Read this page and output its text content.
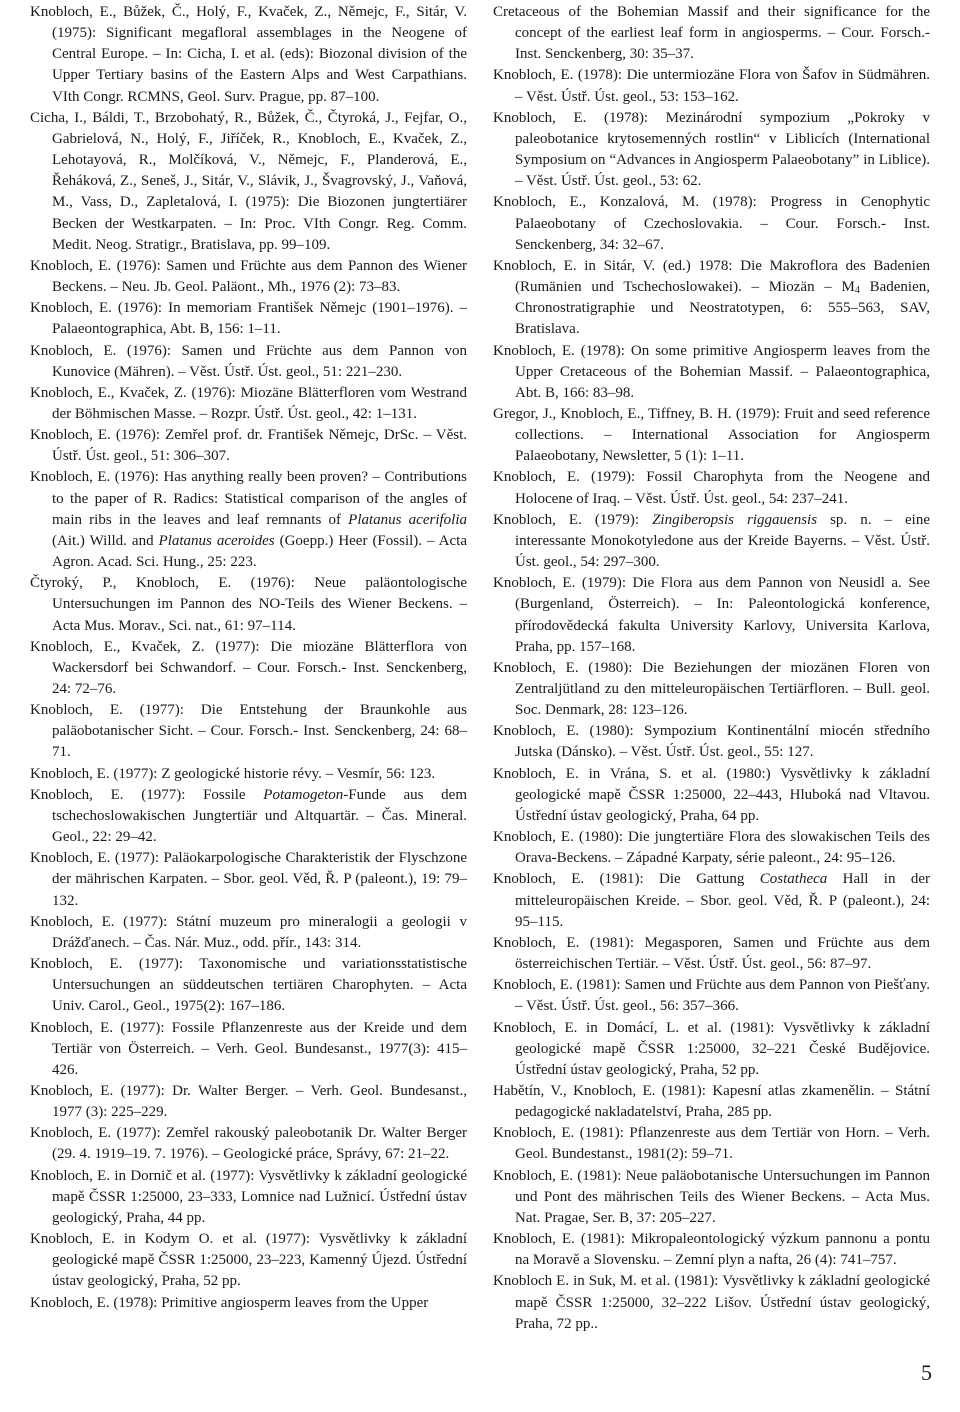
Knobloch, E., Bůžek, Č., Holý, F., Kvaček, Z., Němejc, F., Sitár, V. (1975): Significant megafloral assemblages in the Neogene of Central Europe. – In: Cicha, I. et al. (eds): Biozonal division of the Upper Tertiary basins of the Eastern Alps and West Carpathians. VIth Congr. RCMNS, Geol. Surv. Prague, pp. 87–100.

Cicha, I., Báldi, T., Brzobohatý, R., Bůžek, Č., Čtyroká, J., Fejfar, O., Gabrielová, N., Holý, F., Jiříček, R., Knobloch, E., Kvaček, Z., Lehotayová, R., Molčíková, V., Němejc, F., Planderová, E., Řeháková, Z., Seneš, J., Sitár, V., Slávik, J., Švagrovský, J., Vaňová, M., Vass, D., Zapletalová, I. (1975): Die Biozonen jungtertiärer Becken der Westkarpaten. – In: Proc. VIth Congr. Reg. Comm. Medit. Neog. Stratigr., Bratislava, pp. 99–109.

Knobloch, E. (1976): Samen und Früchte aus dem Pannon des Wiener Beckens. – Neu. Jb. Geol. Paläont., Mh., 1976 (2): 73–83.

Knobloch, E. (1976): In memoriam František Němejc (1901–1976). – Palaeontographica, Abt. B, 156: 1–11.

Knobloch, E. (1976): Samen und Früchte aus dem Pannon von Kunovice (Mähren). – Věst. Ústř. Úst. geol., 51: 221–230.

Knobloch, E., Kvaček, Z. (1976): Miozäne Blätterfloren vom Westrand der Böhmischen Masse. – Rozpr. Ústř. Úst. geol., 42: 1–131.

Knobloch, E. (1976): Zemřel prof. dr. František Němejc, DrSc. – Věst. Ústř. Úst. geol., 51: 306–307.

Knobloch, E. (1976): Has anything really been proven? – Contributions to the paper of R. Radics: Statistical comparison of the angles of main ribs in the leaves and leaf remnants of Platanus acerifolia (Ait.) Willd. and Platanus aceroides (Goepp.) Heer (Fossil). – Acta Agron. Acad. Sci. Hung., 25: 223.

Čtyroký, P., Knobloch, E. (1976): Neue paläontologische Untersuchungen im Pannon des NO-Teils des Wiener Beckens. – Acta Mus. Morav., Sci. nat., 61: 97–114.

Knobloch, E., Kvaček, Z. (1977): Die miozäne Blätterflora von Wackersdorf bei Schwandorf. – Cour. Forsch.- Inst. Senckenberg, 24: 72–76.

Knobloch, E. (1977): Die Entstehung der Braunkohle aus paläobotanischer Sicht. – Cour. Forsch.- Inst. Senckenberg, 24: 68–71.

Knobloch, E. (1977): Z geologické historie révy. – Vesmír, 56: 123.

Knobloch, E. (1977): Fossile Potamogeton-Funde aus dem tschechoslowakischen Jungtertiär und Altquartär. – Čas. Mineral. Geol., 22: 29–42.

Knobloch, E. (1977): Paläokarpologische Charakteristik der Flyschzone der mährischen Karpaten. – Sbor. geol. Věd, Ř. P (paleont.), 19: 79–132.

Knobloch, E. (1977): Státní muzeum pro mineralogii a geologii v Drážďanech. – Čas. Nár. Muz., odd. přír., 143: 314.

Knobloch, E. (1977): Taxonomische und variationsstatistische Untersuchungen an süddeutschen tertiären Charophyten. – Acta Univ. Carol., Geol., 1975(2): 167–186.

Knobloch, E. (1977): Fossile Pflanzenreste aus der Kreide und dem Tertiär von Österreich. – Verh. Geol. Bundesanst., 1977(3): 415–426.

Knobloch, E. (1977): Dr. Walter Berger. – Verh. Geol. Bundesanst., 1977 (3): 225–229.

Knobloch, E. (1977): Zemřel rakouský paleobotanik Dr. Walter Berger (29. 4. 1919–19. 7. 1976). – Geologické práce, Správy, 67: 21–22.

Knobloch, E. in Dornič et al. (1977): Vysvětlivky k základní geologické mapě ČSSR 1:25000, 23–333, Lomnice nad Lužnicí. Ústřední ústav geologický, Praha, 44 pp.

Knobloch, E. in Kodym O. et al. (1977): Vysvětlivky k základní geologické mapě ČSSR 1:25000, 23–223, Kamenný Újezd. Ústřední ústav geologický, Praha, 52 pp.

Knobloch, E. (1978): Primitive angiosperm leaves from the Upper

Cretaceous of the Bohemian Massif and their significance for the concept of the earliest leaf form in angiosperms. – Cour. Forsch.- Inst. Senckenberg, 30: 35–37.

Knobloch, E. (1978): Die untermiozäne Flora von Šafov in Südmähren. – Věst. Ústř. Úst. geol., 53: 153–162.

Knobloch, E. (1978): Mezinárodní sympozium „Pokroky v paleobotanice krytosemenných rostlin“ v Liblicích (International Symposium on “Advances in Angiosperm Palaeobotany” in Liblice). – Věst. Ústř. Úst. geol., 53: 62.

Knobloch, E., Konzalová, M. (1978): Progress in Cenophytic Palaeobotany of Czechoslovakia. – Cour. Forsch.- Inst. Senckenberg, 34: 32–67.

Knobloch, E. in Sitár, V. (ed.) 1978: Die Makroflora des Badenien (Rumänien und Tschechoslowakei). – Miozän – $M_4$ Badenien, Chronostratigraphie und Neostratotypen, 6: 555–563, SAV, Bratislava.

Knobloch, E. (1978): On some primitive Angiosperm leaves from the Upper Cretaceous of the Bohemian Massif. – Palaeontographica, Abt. B, 166: 83–98.

Gregor, J., Knobloch, E., Tiffney, B. H. (1979): Fruit and seed reference collections. – International Association for Angiosperm Palaeobotany, Newsletter, 5 (1): 1–11.

Knobloch, E. (1979): Fossil Charophyta from the Neogene and Holocene of Iraq. – Věst. Ústř. Úst. geol., 54: 237–241.

Knobloch, E. (1979): Zingiberopsis riggauensis sp. n. – eine interessante Monokotyledone aus der Kreide Bayerns. – Věst. Ústř. Úst. geol., 54: 297–300.

Knobloch, E. (1979): Die Flora aus dem Pannon von Neusidl a. See (Burgenland, Österreich). – In: Paleontologická konference, přírodovědecká fakulta University Karlovy, Universita Karlova, Praha, pp. 157–168.

Knobloch, E. (1980): Die Beziehungen der miozänen Floren von Zentraljütland zu den mitteleuropäischen Tertiärfloren. – Bull. geol. Soc. Denmark, 28: 123–126.

Knobloch, E. (1980): Sympozium Kontinentální miocén středního Jutska (Dánsko). – Věst. Ústř. Úst. geol., 55: 127.

Knobloch, E. in Vrána, S. et al. (1980:) Vysvětlivky k základní geologické mapě ČSSR 1:25000, 22–443, Hluboká nad Vltavou. Ústřední ústav geologický, Praha, 64 pp.

Knobloch, E. (1980): Die jungtertiäre Flora des slowakischen Teils des Orava-Beckens. – Západné Karpaty, série paleont., 24: 95–126.

Knobloch, E. (1981): Die Gattung Costatheca Hall in der mitteleuropäischen Kreide. – Sbor. geol. Věd, Ř. P (paleont.), 24: 95–115.

Knobloch, E. (1981): Megasporen, Samen und Früchte aus dem österreichischen Tertiär. – Věst. Ústř. Úst. geol., 56: 87–97.

Knobloch, E. (1981): Samen und Früchte aus dem Pannon von Piešťany. – Věst. Ústř. Úst. geol., 56: 357–366.

Knobloch, E. in Domácí, L. et al. (1981): Vysvětlivky k základní geologické mapě ČSSR 1:25000, 32–221 České Budějovice. Ústřední ústav geologický, Praha, 52 pp.

Habětín, V., Knobloch, E. (1981): Kapesní atlas zkamenělin. – Státní pedagogické nakladatelství, Praha, 285 pp.

Knobloch, E. (1981): Pflanzenreste aus dem Tertiär von Horn. – Verh. Geol. Bundestanst., 1981(2): 59–71.

Knobloch, E. (1981): Neue paläobotanische Untersuchungen im Pannon und Pont des mährischen Teils des Wiener Beckens. – Acta Mus. Nat. Pragae, Ser. B, 37: 205–227.

Knobloch, E. (1981): Mikropaleontologický výzkum pannonu a pontu na Moravě a Slovensku. – Zemní plyn a nafta, 26 (4): 741–757.

Knobloch E. in Suk, M. et al. (1981): Vysvětlivky k základní geologické mapě ČSSR 1:25000, 32–222 Lišov. Ústřední ústav geologický, Praha, 72 pp..

5
